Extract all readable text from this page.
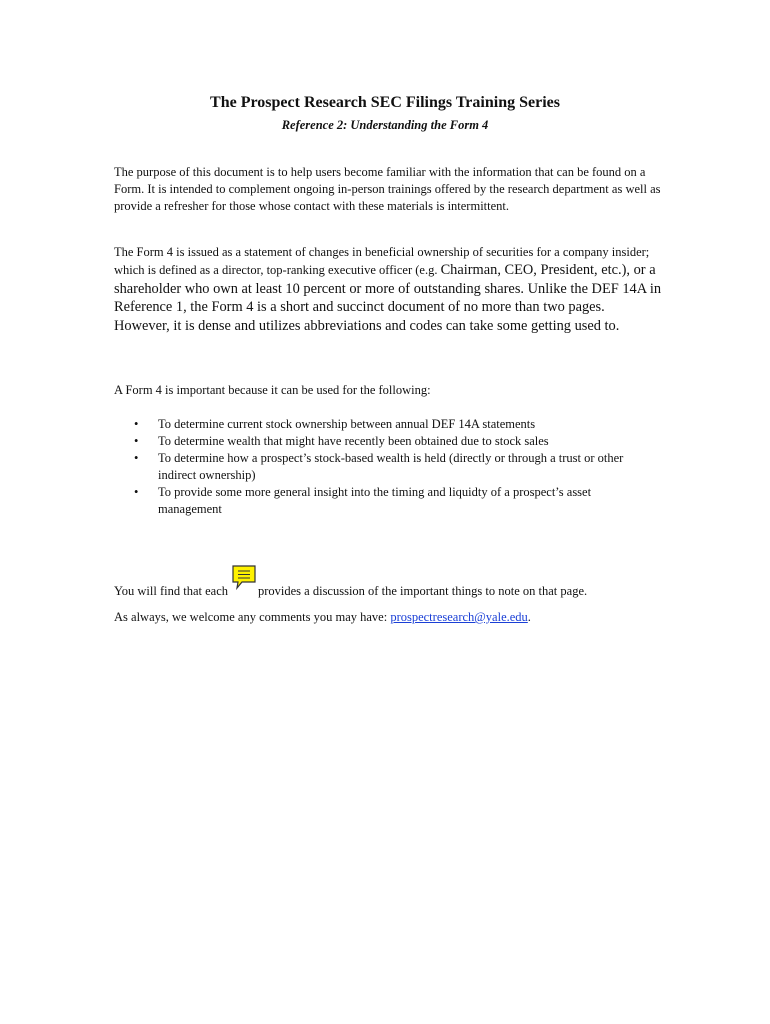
The Prospect Research SEC Filings Training Series
Reference 2: Understanding the Form 4

The purpose of this document is to help users become familiar with the information that can be found on a Form. It is intended to complement ongoing in-person trainings offered by the research department as well as provide a refresher for those whose contact with these materials is intermittent.

The Form 4 is issued as a statement of changes in beneficial ownership of securities for a company insider; which is defined as a director, top-ranking executive officer (e.g. Chairman, CEO, President, etc.), or a shareholder who own at least 10 percent or more of outstanding shares. Unlike the DEF 14A in Reference 1, the Form 4 is a short and succinct document of no more than two pages. However, it is dense and utilizes abbreviations and codes can take some getting used to.

A Form 4 is important because it can be used for the following:

• To determine current stock ownership between annual DEF 14A statements
• To determine wealth that might have recently been obtained due to stock sales
• To determine how a prospect’s stock-based wealth is held (directly or through a trust or other indirect ownership)
• To provide some more general insight into the timing and liquidty of a prospect’s asset management

You will find that each provides a discussion of the important things to note on that page.

As always, we welcome any comments you may have: prospectresearch@yale.edu.
